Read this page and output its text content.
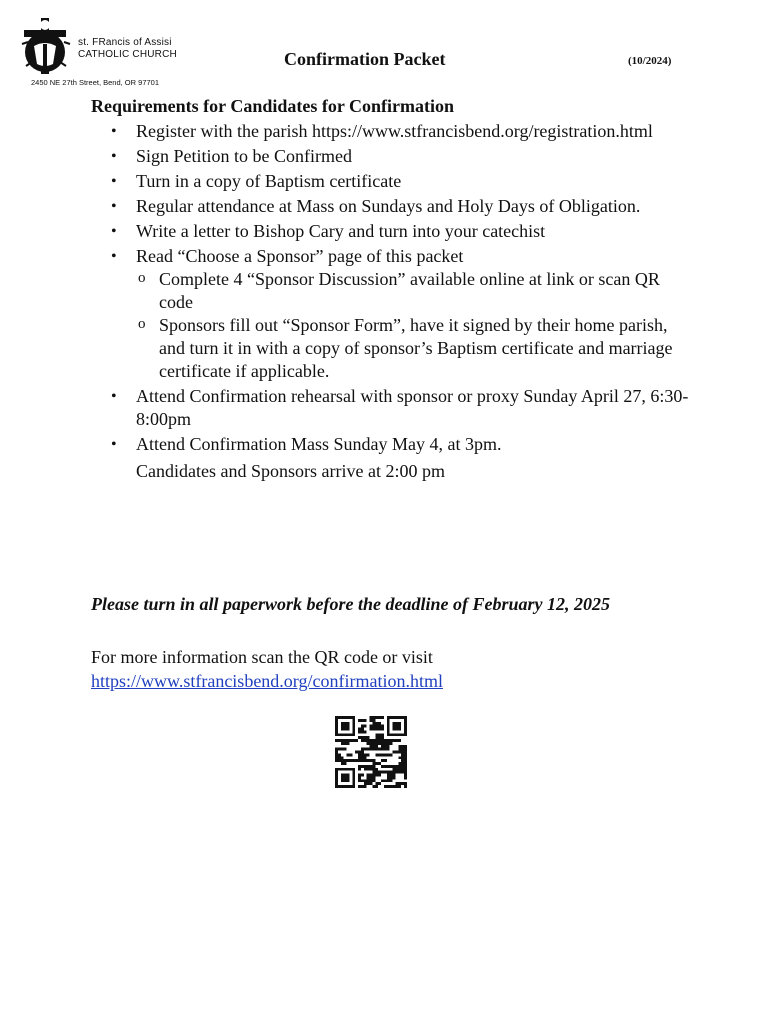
st. FRancis of Assisi
CATHOLIC CHURCH
2450 NE 27th Street, Bend, OR 97701
Confirmation Packet	(10/2024)
Requirements for Candidates for Confirmation
• Register with the parish https://www.stfrancisbend.org/registration.html
• Sign Petition to be Confirmed
• Turn in a copy of Baptism certificate
• Regular attendance at Mass on Sundays and Holy Days of Obligation.
• Write a letter to Bishop Cary and turn into your catechist
• Read “Choose a Sponsor” page of this packet
o Complete 4 “Sponsor Discussion” available online at link or scan QR code
o Sponsors fill out “Sponsor Form”, have it signed by their home parish, and turn it in with a copy of sponsor’s Baptism certificate and marriage certificate if applicable.
• Attend Confirmation rehearsal with sponsor or proxy Sunday April 27, 6:30-8:00pm
• Attend Confirmation Mass Sunday May 4, at 3pm.
Candidates and Sponsors arrive at 2:00 pm
Please turn in all paperwork before the deadline of February 12, 2025
For more information scan the QR code or visit
https://www.stfrancisbend.org/confirmation.html
